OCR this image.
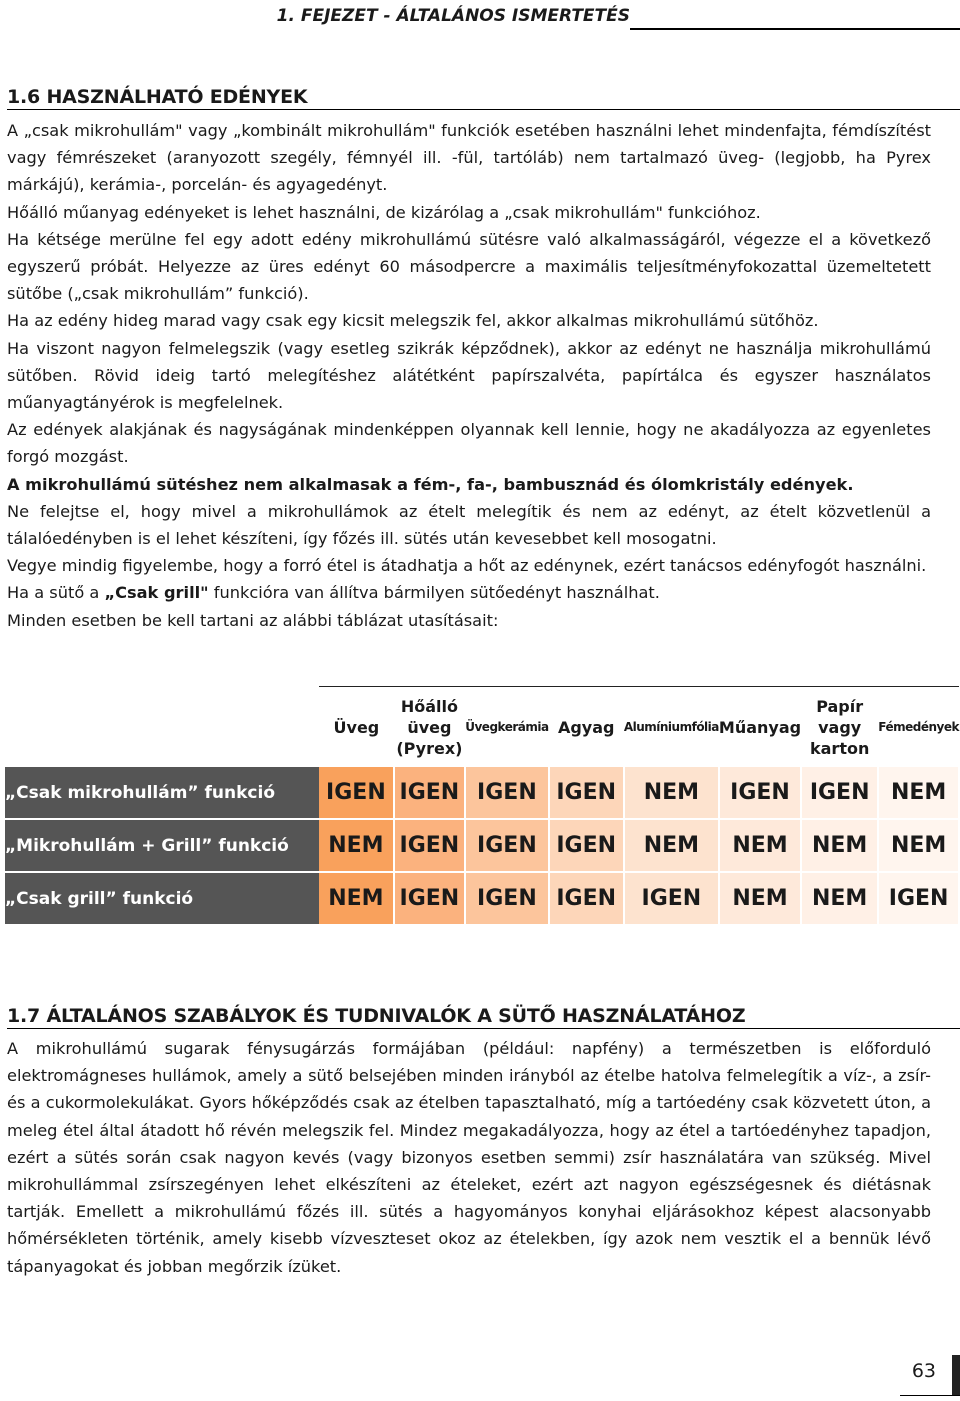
1. FEJEZET - ÁLTALÁNOS ISMERTETÉS
1.6 HASZNÁLHATÓ EDÉNYEK

A „csak mikrohullám" vagy „kombinált mikrohullám" funkciók esetében használni lehet mindenfajta, fémdíszítést vagy fémrészeket (aranyozott szegély, fémnyél ill. -fül, tartóláb) nem tartalmazó üveg- (legjobb, ha Pyrex márkájú), kerámia-, porcelán- és agyagedényt.

Hőálló műanyag edényeket is lehet használni, de kizárólag a „csak mikrohullám" funkcióhoz.

Ha kétsége merülne fel egy adott edény mikrohullámú sütésre való alkalmasságáról, végezze el a következő egyszerű próbát. Helyezze az üres edényt 60 másodpercre a maximális teljesítményfokozattal üzemeltetett sütőbe („csak mikrohullám” funkció).

Ha az edény hideg marad vagy csak egy kicsit melegszik fel, akkor alkalmas mikrohullámú sütőhöz.

Ha viszont nagyon felmelegszik (vagy esetleg szikrák képződnek), akkor az edényt ne használja mikrohullámú sütőben. Rövid ideig tartó melegítéshez alátétként papírszalvéta, papírtálca és egyszer használatos műanyagtányérok is megfelelnek.

Az edények alakjának és nagyságának mindenképpen olyannak kell lennie, hogy ne akadályozza az egyenletes forgó mozgást.

A mikrohullámú sütéshez nem alkalmasak a fém-, fa-, bambusznád és ólomkristály edények.

Ne felejtse el, hogy mivel a mikrohullámok az ételt melegítik és nem az edényt, az ételt közvetlenül a tálalóedényben is el lehet készíteni, így főzés ill. sütés után kevesebbet kell mosogatni.

Vegye mindig figyelembe, hogy a forró étel is átadhatja a hőt az edénynek, ezért tanácsos edényfogót használni.

Ha a sütő a „Csak grill" funkcióra van állítva bármilyen sütőedényt használhat.

Minden esetben be kell tartani az alábbi táblázat utasításait:

	Üveg	Hőálló üveg (Pyrex)	Üvegkerámia	Agyag	Alumíniumfólia	Műanyag	Papír vagy karton	Fémedények
„Csak mikrohullám” funkció	IGEN	IGEN	IGEN	IGEN	NEM	IGEN	IGEN	NEM
„Mikrohullám + Grill” funkció	NEM	IGEN	IGEN	IGEN	NEM	NEM	NEM	NEM
„Csak grill” funkció	NEM	IGEN	IGEN	IGEN	IGEN	NEM	NEM	IGEN
1.7 ÁLTALÁNOS SZABÁLYOK ÉS TUDNIVALÓK A SÜTŐ HASZNÁLATÁHOZ

A mikrohullámú sugarak fénysugárzás formájában (például: napfény) a természetben is előforduló elektromágneses hullámok, amely a sütő belsejében minden irányból az ételbe hatolva felmelegítik a víz-, a zsír- és a cukormolekulákat. Gyors hőképződés csak az ételben tapasztalható, míg a tartóedény csak közvetett úton, a meleg étel által átadott hő révén melegszik fel. Mindez megakadályozza, hogy az étel a tartóedényhez tapadjon, ezért a sütés során csak nagyon kevés (vagy bizonyos esetben semmi) zsír használatára van szükség. Mivel mikrohullámmal zsírszegényen lehet elkészíteni az ételeket, ezért azt nagyon egészségesnek és diétásnak tartják. Emellett a mikrohullámú főzés ill. sütés a hagyományos konyhai eljárásokhoz képest alacsonyabb hőmérsékleten történik, amely kisebb vízveszteset okoz az ételekben, így azok nem vesztik el a bennük lévő tápanyagokat és jobban megőrzik ízüket.

63
